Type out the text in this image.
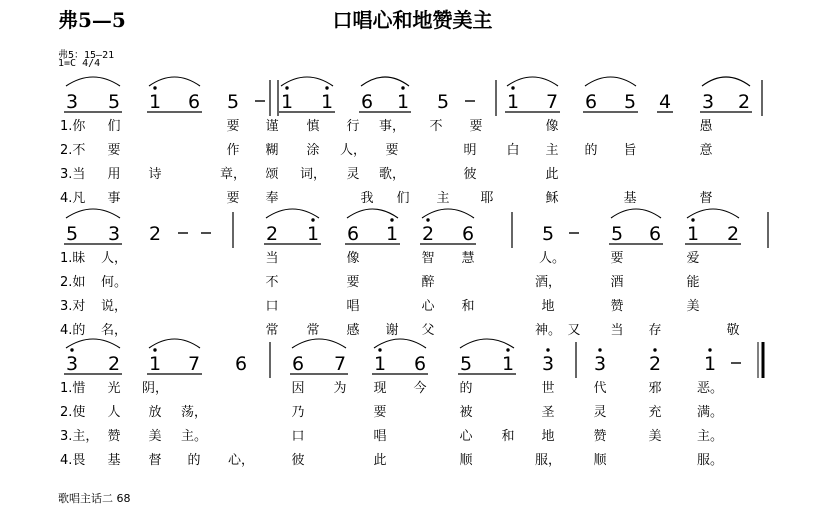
弗5—5	口唱心和地赞美主
弗5：15—21
1=C 4/4
3 5 1 6 5 1 1 6 1 5	1 7 6 5 4 3 2
1.你 们	要 谨 慎 行 事， 不 要	像	愚
2.不 要	作 糊 涂 人， 要	明 白 主 的 旨	意
3.当 用 诗	章， 颂 词， 灵 歌，	彼	此
4.凡 事	要 奉	我 们 主 耶	稣	基	督
5 3 2	2 1 6 1 2 6	5	5 6 1 2
1.昧 人，	当	像	智 慧	人。	要	爱
2.如 何。	不	要	醉	酒，	酒	能
3.对 说，	口	唱	心 和	地	赞	美
4.的 名，	常 常 感 谢 父	神。 又 当 存	敬
3 2 1 7 6 6 7 1 6 5 1 3 3 2 1
1.惜 光 阴，	因 为 现 今	的	世	代	邪	恶。
2.使 人 放 荡，	乃	要	被	圣	灵	充	满。
3.主， 赞 美 主。	口	唱	心 和 地	赞	美	主。
4.畏 基 督 的 心，	彼	此	顺	服， 顺	服。
歌唱主话二 68
